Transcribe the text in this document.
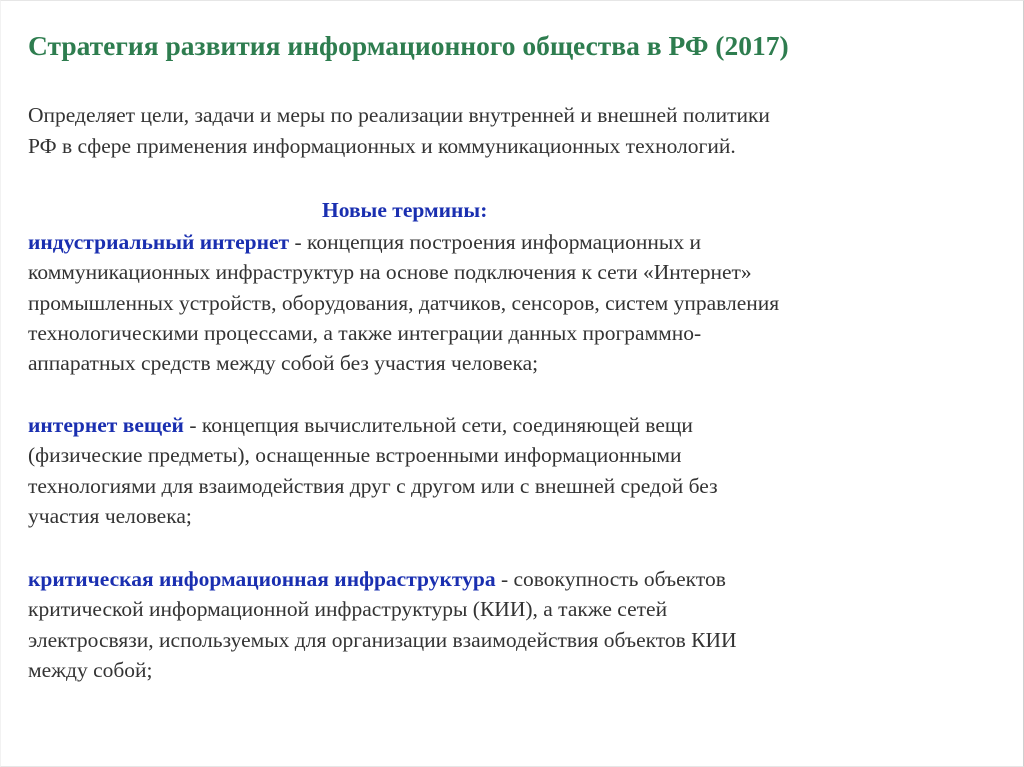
Стратегия развития информационного общества в РФ (2017)
Определяет цели, задачи и меры по реализации внутренней и внешней политики
РФ в сфере применения информационных и коммуникационных технологий.
Новые термины:
индустриальный интернет - концепция построения информационных и
коммуникационных инфраструктур на основе подключения к сети «Интернет»
промышленных устройств, оборудования, датчиков, сенсоров, систем управления
технологическими процессами, а также интеграции данных программно-
аппаратных средств между собой без участия человека;
интернет вещей - концепция вычислительной сети, соединяющей вещи
(физические предметы), оснащенные встроенными информационными
технологиями для взаимодействия друг с другом или с внешней средой без
участия человека;
критическая информационная инфраструктура - совокупность объектов
критической информационной инфраструктуры (КИИ), а также сетей
электросвязи, используемых для организации взаимодействия объектов КИИ
между собой;
